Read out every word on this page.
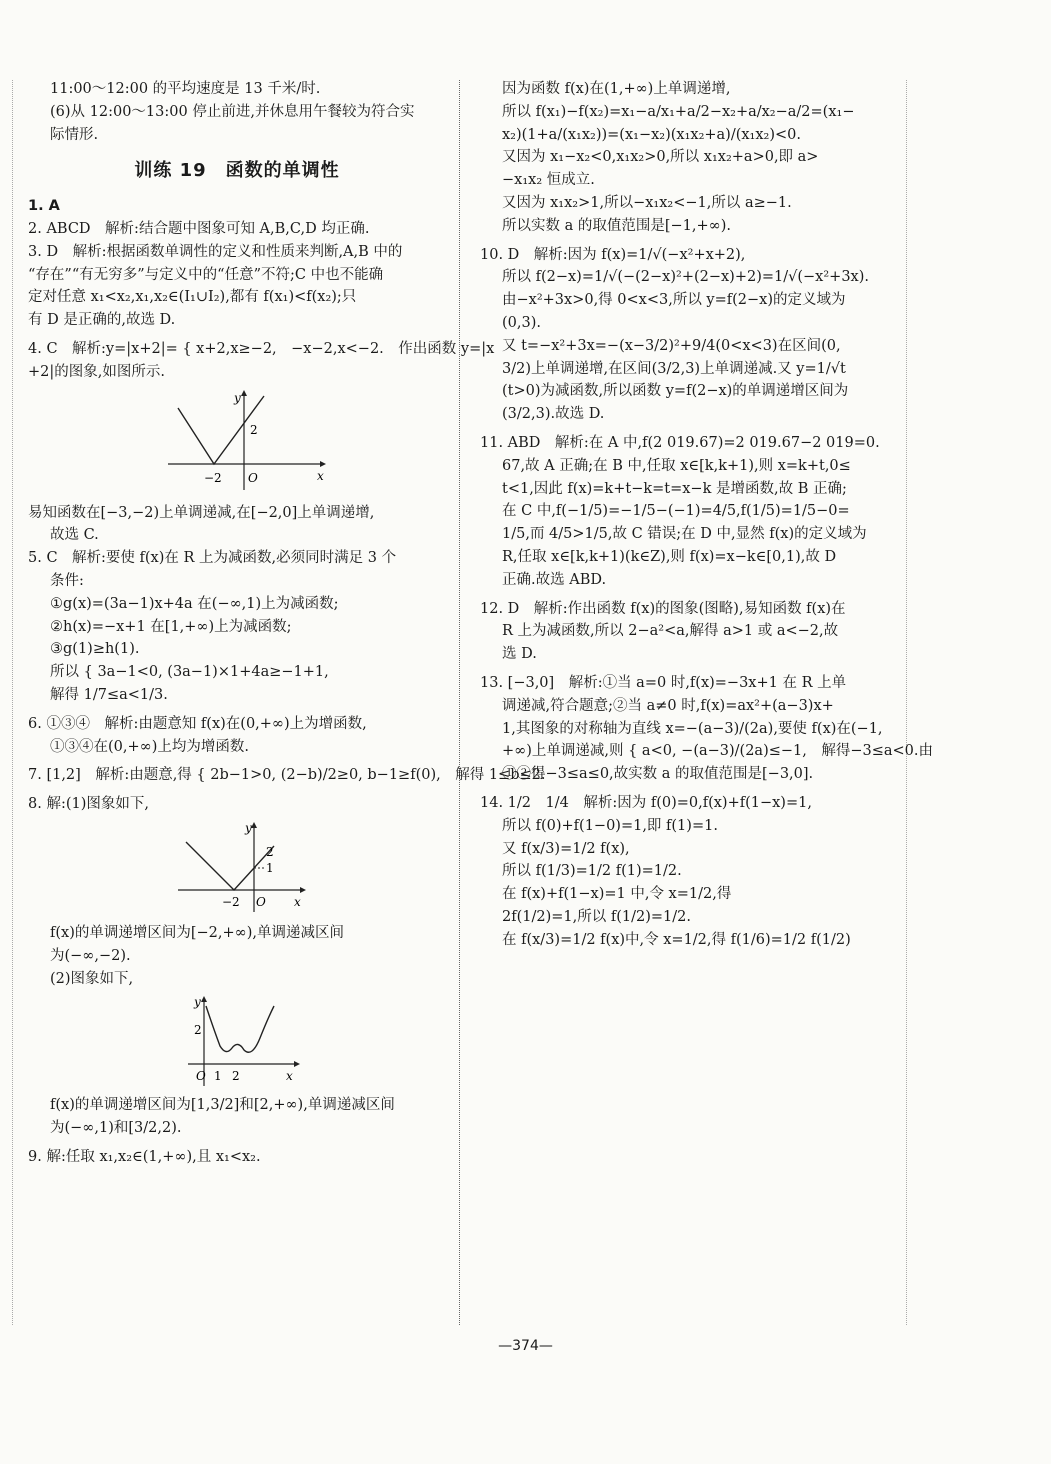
11:00～12:00 的平均速度是 13 千米/时.
(6)从 12:00～13:00 停止前进,并休息用午餐较为符合实
际情形.
训练 19　函数的单调性
1. A
2. ABCD　解析:结合题中图象可知 A,B,C,D 均正确.
3. D　解析:根据函数单调性的定义和性质来判断,A,B 中的
“存在”“有无穷多”与定义中的“任意”不符;C 中也不能确
定对任意 x₁<x₂,x₁,x₂∈(I₁∪I₂),都有 f(x₁)<f(x₂);只
有 D 是正确的,故选 D.
4. C　解析:y=|x+2|= { x+2,x≥−2,　−x−2,x<−2.　作出函数 y=|x
+2|的图象,如图所示.
y
x
−2 O
2
易知函数在[−3,−2)上单调递减,在[−2,0]上单调递增,
故选 C.
5. C　解析:要使 f(x)在 R 上为减函数,必须同时满足 3 个
条件:
①g(x)=(3a−1)x+4a 在(−∞,1)上为减函数;
②h(x)=−x+1 在[1,+∞)上为减函数;
③g(1)≥h(1).
所以 { 3a−1<0, (3a−1)×1+4a≥−1+1,
解得 1/7≤a<1/3.
6. ①③④　解析:由题意知 f(x)在(0,+∞)上为增函数,
①③④在(0,+∞)上均为增函数.
7. [1,2]　解析:由题意,得 { 2b−1>0, (2−b)/2≥0, b−1≥f(0),　解得 1≤b≤2.
8. 解:(1)图象如下,
y
x
−2 O
1
2
f(x)的单调递增区间为[−2,+∞),单调递减区间
为(−∞,−2).
(2)图象如下,
y
x
O 1 2
2
f(x)的单调递增区间为[1,3/2]和[2,+∞),单调递减区间
为(−∞,1)和[3/2,2).
9. 解:任取 x₁,x₂∈(1,+∞),且 x₁<x₂.
因为函数 f(x)在(1,+∞)上单调递增,
所以 f(x₁)−f(x₂)=x₁−a/x₁+a/2−x₂+a/x₂−a/2=(x₁−
x₂)(1+a/(x₁x₂))=(x₁−x₂)(x₁x₂+a)/(x₁x₂)<0.
又因为 x₁−x₂<0,x₁x₂>0,所以 x₁x₂+a>0,即 a>
−x₁x₂ 恒成立.
又因为 x₁x₂>1,所以−x₁x₂<−1,所以 a≥−1.
所以实数 a 的取值范围是[−1,+∞).
10. D　解析:因为 f(x)=1/√(−x²+x+2),
所以 f(2−x)=1/√(−(2−x)²+(2−x)+2)=1/√(−x²+3x).
由−x²+3x>0,得 0<x<3,所以 y=f(2−x)的定义域为
(0,3).
又 t=−x²+3x=−(x−3/2)²+9/4(0<x<3)在区间(0,
3/2)上单调递增,在区间(3/2,3)上单调递减.又 y=1/√t
(t>0)为减函数,所以函数 y=f(2−x)的单调递增区间为
(3/2,3).故选 D.
11. ABD　解析:在 A 中,f(2 019.67)=2 019.67−2 019=0.
67,故 A 正确;在 B 中,任取 x∈[k,k+1),则 x=k+t,0≤
t<1,因此 f(x)=k+t−k=t=x−k 是增函数,故 B 正确;
在 C 中,f(−1/5)=−1/5−(−1)=4/5,f(1/5)=1/5−0=
1/5,而 4/5>1/5,故 C 错误;在 D 中,显然 f(x)的定义域为
R,任取 x∈[k,k+1)(k∈Z),则 f(x)=x−k∈[0,1),故 D
正确.故选 ABD.
12. D　解析:作出函数 f(x)的图象(图略),易知函数 f(x)在
R 上为减函数,所以 2−a²<a,解得 a>1 或 a<−2,故
选 D.
13. [−3,0]　解析:①当 a=0 时,f(x)=−3x+1 在 R 上单
调递减,符合题意;②当 a≠0 时,f(x)=ax²+(a−3)x+
1,其图象的对称轴为直线 x=−(a−3)/(2a),要使 f(x)在(−1,
+∞)上单调递减,则 { a<0, −(a−3)/(2a)≤−1,　解得−3≤a<0.由
①②得−3≤a≤0,故实数 a 的取值范围是[−3,0].
14. 1/2　1/4　解析:因为 f(0)=0,f(x)+f(1−x)=1,
所以 f(0)+f(1−0)=1,即 f(1)=1.
又 f(x/3)=1/2 f(x),
所以 f(1/3)=1/2 f(1)=1/2.
在 f(x)+f(1−x)=1 中,令 x=1/2,得
2f(1/2)=1,所以 f(1/2)=1/2.
在 f(x/3)=1/2 f(x)中,令 x=1/2,得 f(1/6)=1/2 f(1/2)
—374—
